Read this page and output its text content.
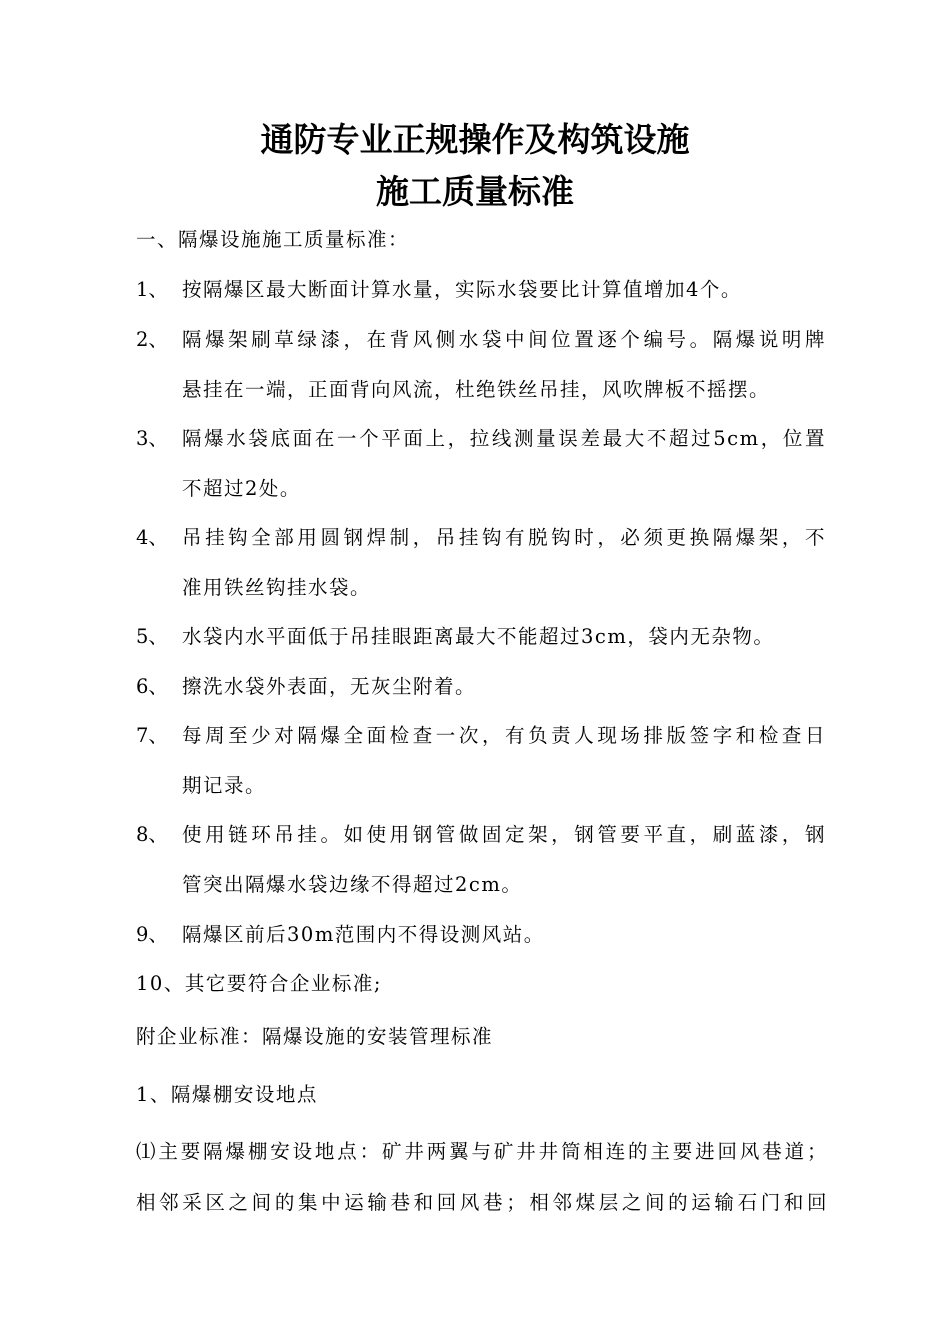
通防专业正规操作及构筑设施
施工质量标准
一、隔爆设施施工质量标准：
1、 按隔爆区最大断面计算水量，实际水袋要比计算值增加4个。
2、 隔爆架刷草绿漆，在背风侧水袋中间位置逐个编号。隔爆说明牌
悬挂在一端，正面背向风流，杜绝铁丝吊挂，风吹牌板不摇摆。
3、 隔爆水袋底面在一个平面上，拉线测量误差最大不超过5cm，位置
不超过2处。
4、 吊挂钩全部用圆钢焊制，吊挂钩有脱钩时，必须更换隔爆架，不
准用铁丝钩挂水袋。
5、 水袋内水平面低于吊挂眼距离最大不能超过3cm，袋内无杂物。
6、 擦洗水袋外表面，无灰尘附着。
7、 每周至少对隔爆全面检查一次，有负责人现场排版签字和检查日
期记录。
8、 使用链环吊挂。如使用钢管做固定架，钢管要平直，刷蓝漆，钢
管突出隔爆水袋边缘不得超过2cm。
9、 隔爆区前后30m范围内不得设测风站。
10、其它要符合企业标准;
附企业标准：隔爆设施的安装管理标准
1、隔爆棚安设地点
⑴主要隔爆棚安设地点：矿井两翼与矿井井筒相连的主要进回风巷道；
相邻采区之间的集中运输巷和回风巷；相邻煤层之间的运输石门和回
